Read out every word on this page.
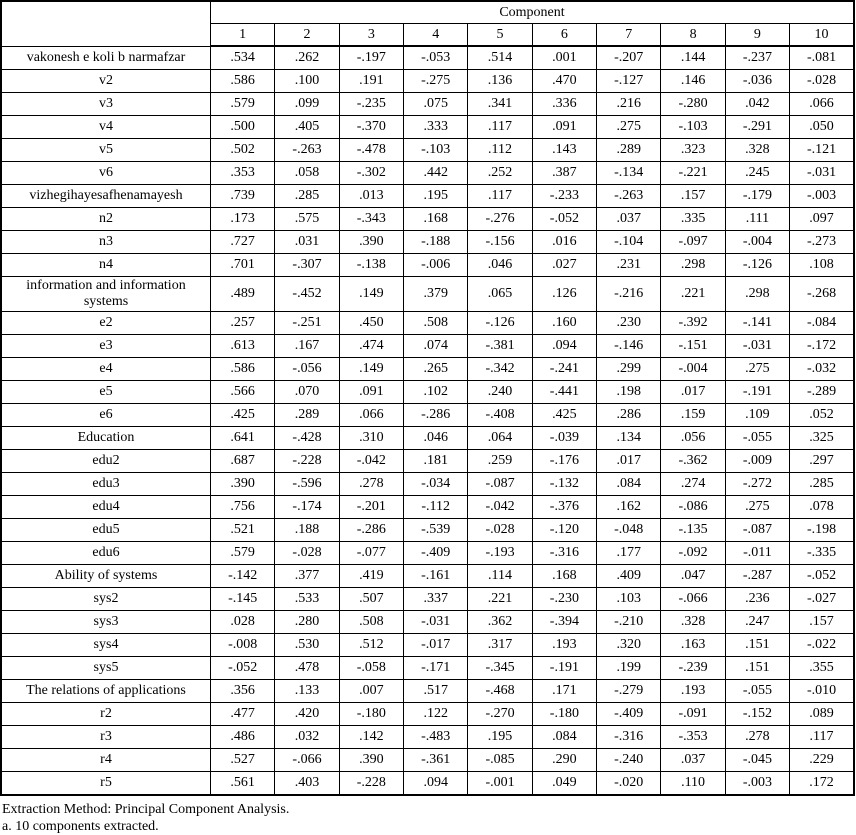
	Component									
	1	2	3	4	5	6	7	8	9	10
vakonesh e koli b narmafzar	.534	.262	-.197	-.053	.514	.001	-.207	.144	-.237	-.081
v2	.586	.100	.191	-.275	.136	.470	-.127	.146	-.036	-.028
v3	.579	.099	-.235	.075	.341	.336	.216	-.280	.042	.066
v4	.500	.405	-.370	.333	.117	.091	.275	-.103	-.291	.050
v5	.502	-.263	-.478	-.103	.112	.143	.289	.323	.328	-.121
v6	.353	.058	-.302	.442	.252	.387	-.134	-.221	.245	-.031
vizhegihayesafhenamayesh	.739	.285	.013	.195	.117	-.233	-.263	.157	-.179	-.003
n2	.173	.575	-.343	.168	-.276	-.052	.037	.335	.111	.097
n3	.727	.031	.390	-.188	-.156	.016	-.104	-.097	-.004	-.273
n4	.701	-.307	-.138	-.006	.046	.027	.231	.298	-.126	.108
information and information systems	.489	-.452	.149	.379	.065	.126	-.216	.221	.298	-.268
e2	.257	-.251	.450	.508	-.126	.160	.230	-.392	-.141	-.084
e3	.613	.167	.474	.074	-.381	.094	-.146	-.151	-.031	-.172
e4	.586	-.056	.149	.265	-.342	-.241	.299	-.004	.275	-.032
e5	.566	.070	.091	.102	.240	-.441	.198	.017	-.191	-.289
e6	.425	.289	.066	-.286	-.408	.425	.286	.159	.109	.052
Education	.641	-.428	.310	.046	.064	-.039	.134	.056	-.055	.325
edu2	.687	-.228	-.042	.181	.259	-.176	.017	-.362	-.009	.297
edu3	.390	-.596	.278	-.034	-.087	-.132	.084	.274	-.272	.285
edu4	.756	-.174	-.201	-.112	-.042	-.376	.162	-.086	.275	.078
edu5	.521	.188	-.286	-.539	-.028	-.120	-.048	-.135	-.087	-.198
edu6	.579	-.028	-.077	-.409	-.193	-.316	.177	-.092	-.011	-.335
Ability of systems	-.142	.377	.419	-.161	.114	.168	.409	.047	-.287	-.052
sys2	-.145	.533	.507	.337	.221	-.230	.103	-.066	.236	-.027
sys3	.028	.280	.508	-.031	.362	-.394	-.210	.328	.247	.157
sys4	-.008	.530	.512	-.017	.317	.193	.320	.163	.151	-.022
sys5	-.052	.478	-.058	-.171	-.345	-.191	.199	-.239	.151	.355
The relations of applications	.356	.133	.007	.517	-.468	.171	-.279	.193	-.055	-.010
r2	.477	.420	-.180	.122	-.270	-.180	-.409	-.091	-.152	.089
r3	.486	.032	.142	-.483	.195	.084	-.316	-.353	.278	.117
r4	.527	-.066	.390	-.361	-.085	.290	-.240	.037	-.045	.229
r5	.561	.403	-.228	.094	-.001	.049	-.020	.110	-.003	.172
Extraction Method: Principal Component Analysis.
a. 10 components extracted.
